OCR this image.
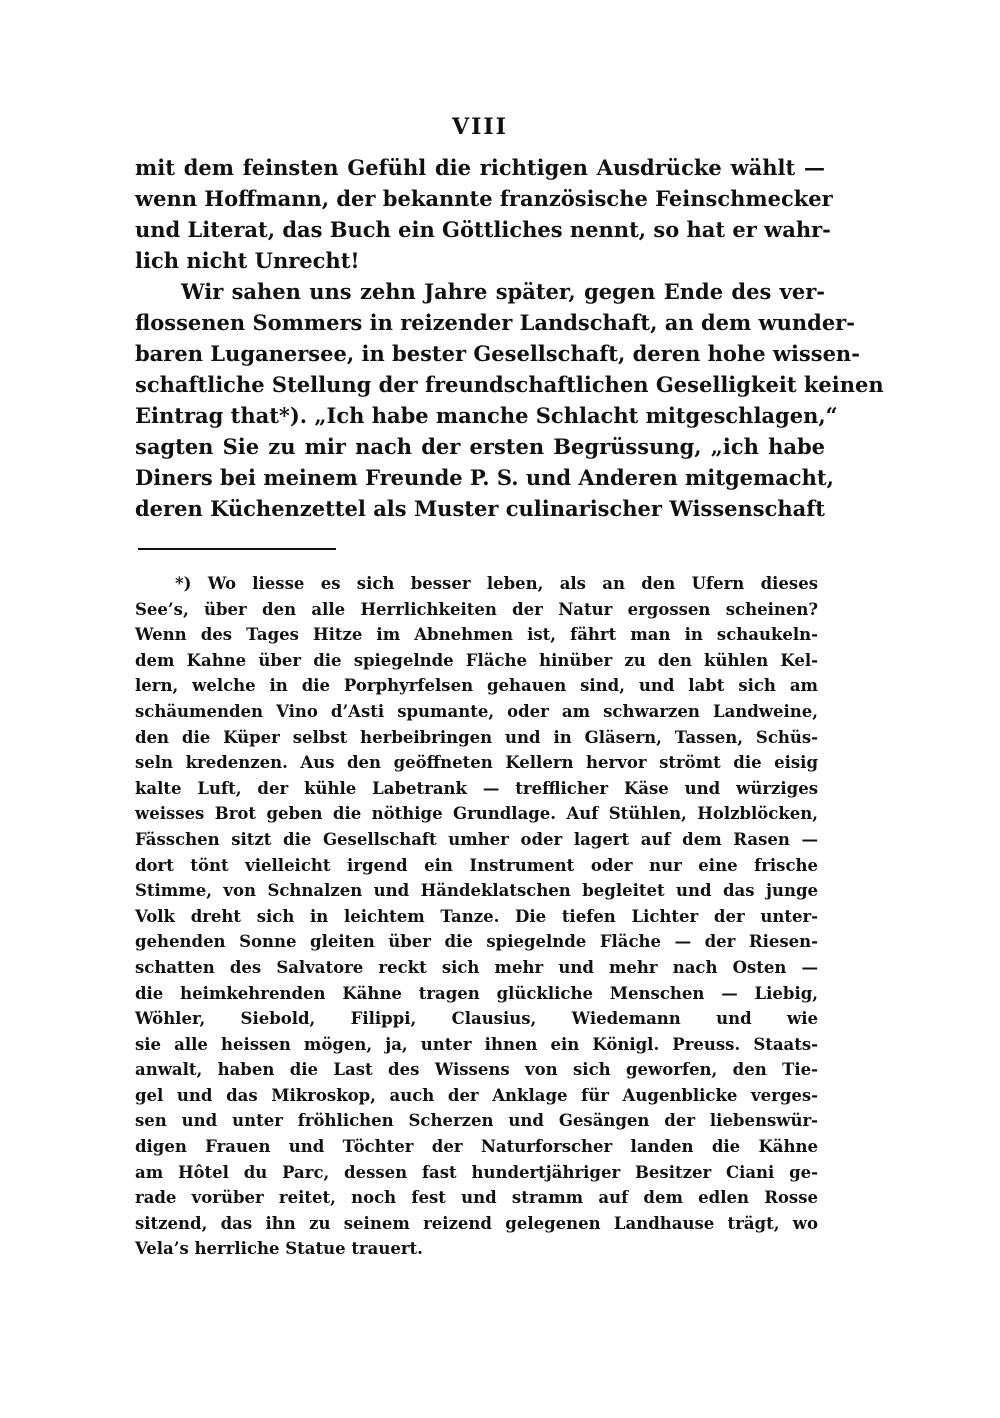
VIII
mit dem feinsten Gefühl die richtigen Ausdrücke wählt —
wenn Hoffmann, der bekannte französische Feinschmecker
und Literat, das Buch ein Göttliches nennt, so hat er wahr-
lich nicht Unrecht!
Wir sahen uns zehn Jahre später, gegen Ende des ver-
flossenen Sommers in reizender Landschaft, an dem wunder-
baren Luganersee, in bester Gesellschaft, deren hohe wissen-
schaftliche Stellung der freundschaftlichen Geselligkeit keinen
Eintrag that*). „Ich habe manche Schlacht mitgeschlagen,“
sagten Sie zu mir nach der ersten Begrüssung, „ich habe
Diners bei meinem Freunde P. S. und Anderen mitgemacht,
deren Küchenzettel als Muster culinarischer Wissenschaft
*) Wo liesse es sich besser leben, als an den Ufern dieses
See’s, über den alle Herrlichkeiten der Natur ergossen scheinen?
Wenn des Tages Hitze im Abnehmen ist, fährt man in schaukeln-
dem Kahne über die spiegelnde Fläche hinüber zu den kühlen Kel-
lern, welche in die Porphyrfelsen gehauen sind, und labt sich am
schäumenden Vino d’Asti spumante, oder am schwarzen Landweine,
den die Küper selbst herbeibringen und in Gläsern, Tassen, Schüs-
seln kredenzen. Aus den geöffneten Kellern hervor strömt die eisig
kalte Luft, der kühle Labetrank — trefflicher Käse und würziges
weisses Brot geben die nöthige Grundlage. Auf Stühlen, Holzblöcken,
Fässchen sitzt die Gesellschaft umher oder lagert auf dem Rasen —
dort tönt vielleicht irgend ein Instrument oder nur eine frische
Stimme, von Schnalzen und Händeklatschen begleitet und das junge
Volk dreht sich in leichtem Tanze. Die tiefen Lichter der unter-
gehenden Sonne gleiten über die spiegelnde Fläche — der Riesen-
schatten des Salvatore reckt sich mehr und mehr nach Osten —
die heimkehrenden Kähne tragen glückliche Menschen — Liebig,
Wöhler, Siebold, Filippi, Clausius, Wiedemann und wie
sie alle heissen mögen, ja, unter ihnen ein Königl. Preuss. Staats-
anwalt, haben die Last des Wissens von sich geworfen, den Tie-
gel und das Mikroskop, auch der Anklage für Augenblicke verges-
sen und unter fröhlichen Scherzen und Gesängen der liebenswür-
digen Frauen und Töchter der Naturforscher landen die Kähne
am Hôtel du Parc, dessen fast hundertjähriger Besitzer Ciani ge-
rade vorüber reitet, noch fest und stramm auf dem edlen Rosse
sitzend, das ihn zu seinem reizend gelegenen Landhause trägt, wo
Vela’s herrliche Statue trauert.
